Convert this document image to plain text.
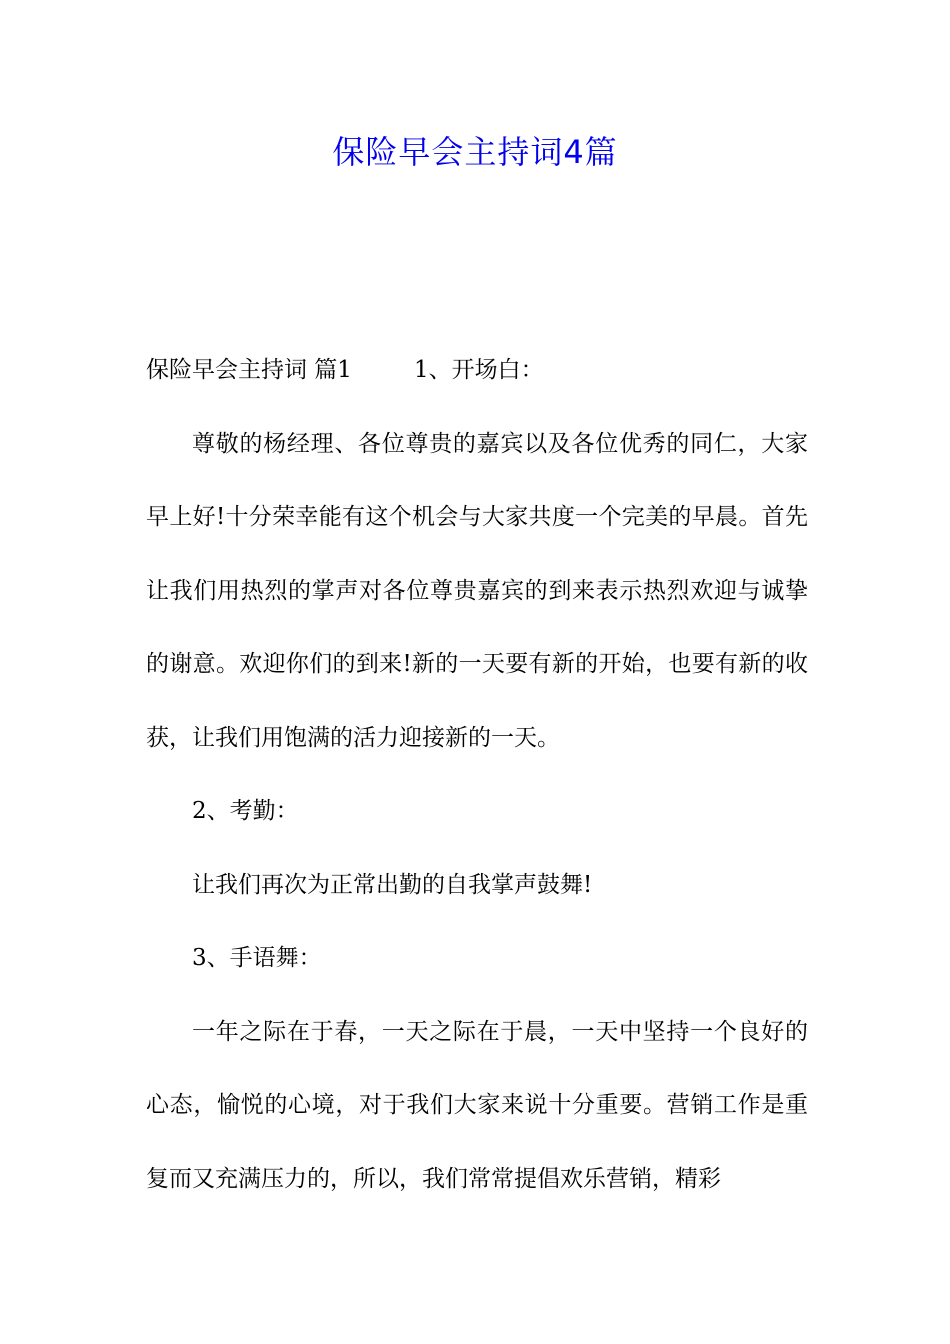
保险早会主持词4篇

保险早会主持词 篇1	1、开场白：

尊敬的杨经理、各位尊贵的嘉宾以及各位优秀的同仁，大家早上好!十分荣幸能有这个机会与大家共度一个完美的早晨。首先让我们用热烈的掌声对各位尊贵嘉宾的到来表示热烈欢迎与诚挚的谢意。欢迎你们的到来!新的一天要有新的开始，也要有新的收获，让我们用饱满的活力迎接新的一天。

2、考勤：

让我们再次为正常出勤的自我掌声鼓舞!

3、手语舞：

一年之际在于春，一天之际在于晨，一天中坚持一个良好的心态，愉悦的心境，对于我们大家来说十分重要。营销工作是重复而又充满压力的，所以，我们常常提倡欢乐营销，精彩
